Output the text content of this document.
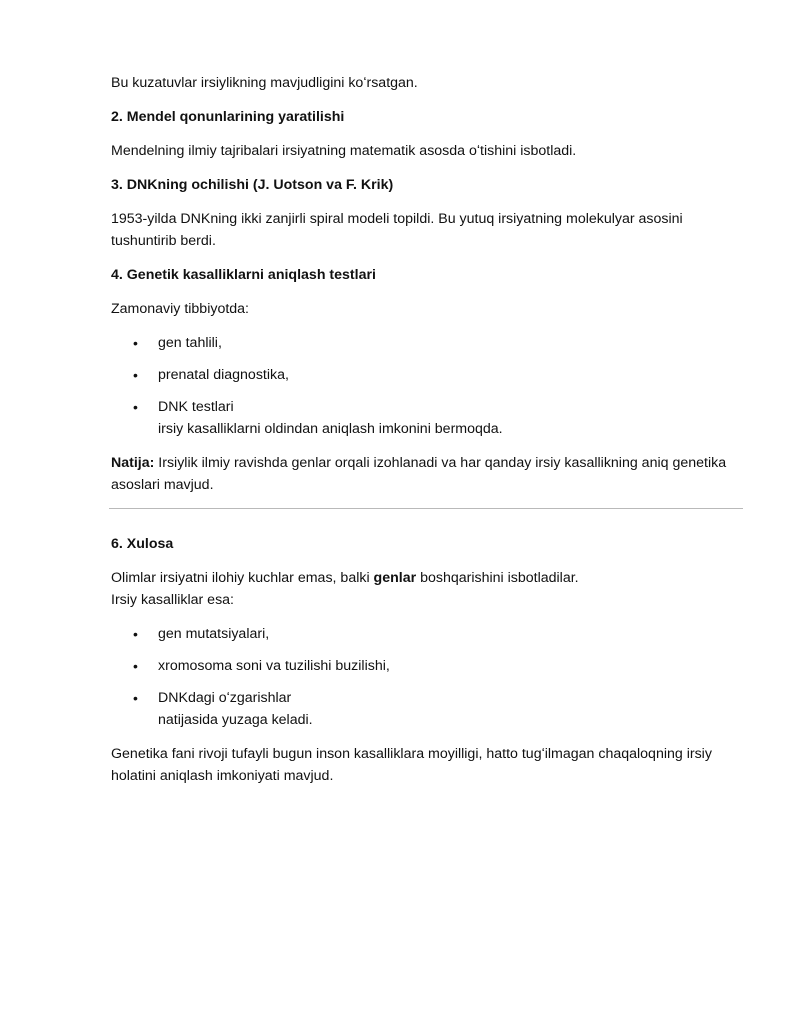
Bu kuzatuvlar irsiylikning mavjudligini koʻrsatgan.

2. Mendel qonunlarining yaratilishi

Mendelning ilmiy tajribalari irsiyatning matematik asosda oʻtishini isbotladi.

3. DNKning ochilishi (J. Uotson va F. Krik)

1953-yilda DNKning ikki zanjirli spiral modeli topildi. Bu yutuq irsiyatning molekulyar asosini tushuntirib berdi.

4. Genetik kasalliklarni aniqlash testlari

Zamonaviy tibbiyotda:

• gen tahlili,
• prenatal diagnostika,
• DNK testlari
irsiy kasalliklarni oldindan aniqlash imkonini bermoqda.

Natija: Irsiylik ilmiy ravishda genlar orqali izohlanadi va har qanday irsiy kasallikning aniq genetika asoslari mavjud.

6. Xulosa

Olimlar irsiyatni ilohiy kuchlar emas, balki genlar boshqarishini isbotladilar.
Irsiy kasalliklar esa:

• gen mutatsiyalari,
• xromosoma soni va tuzilishi buzilishi,
• DNKdagi oʻzgarishlar
natijasida yuzaga keladi.

Genetika fani rivoji tufayli bugun inson kasalliklara moyilligi, hatto tugʻilmagan chaqaloqning irsiy holatini aniqlash imkoniyati mavjud.
